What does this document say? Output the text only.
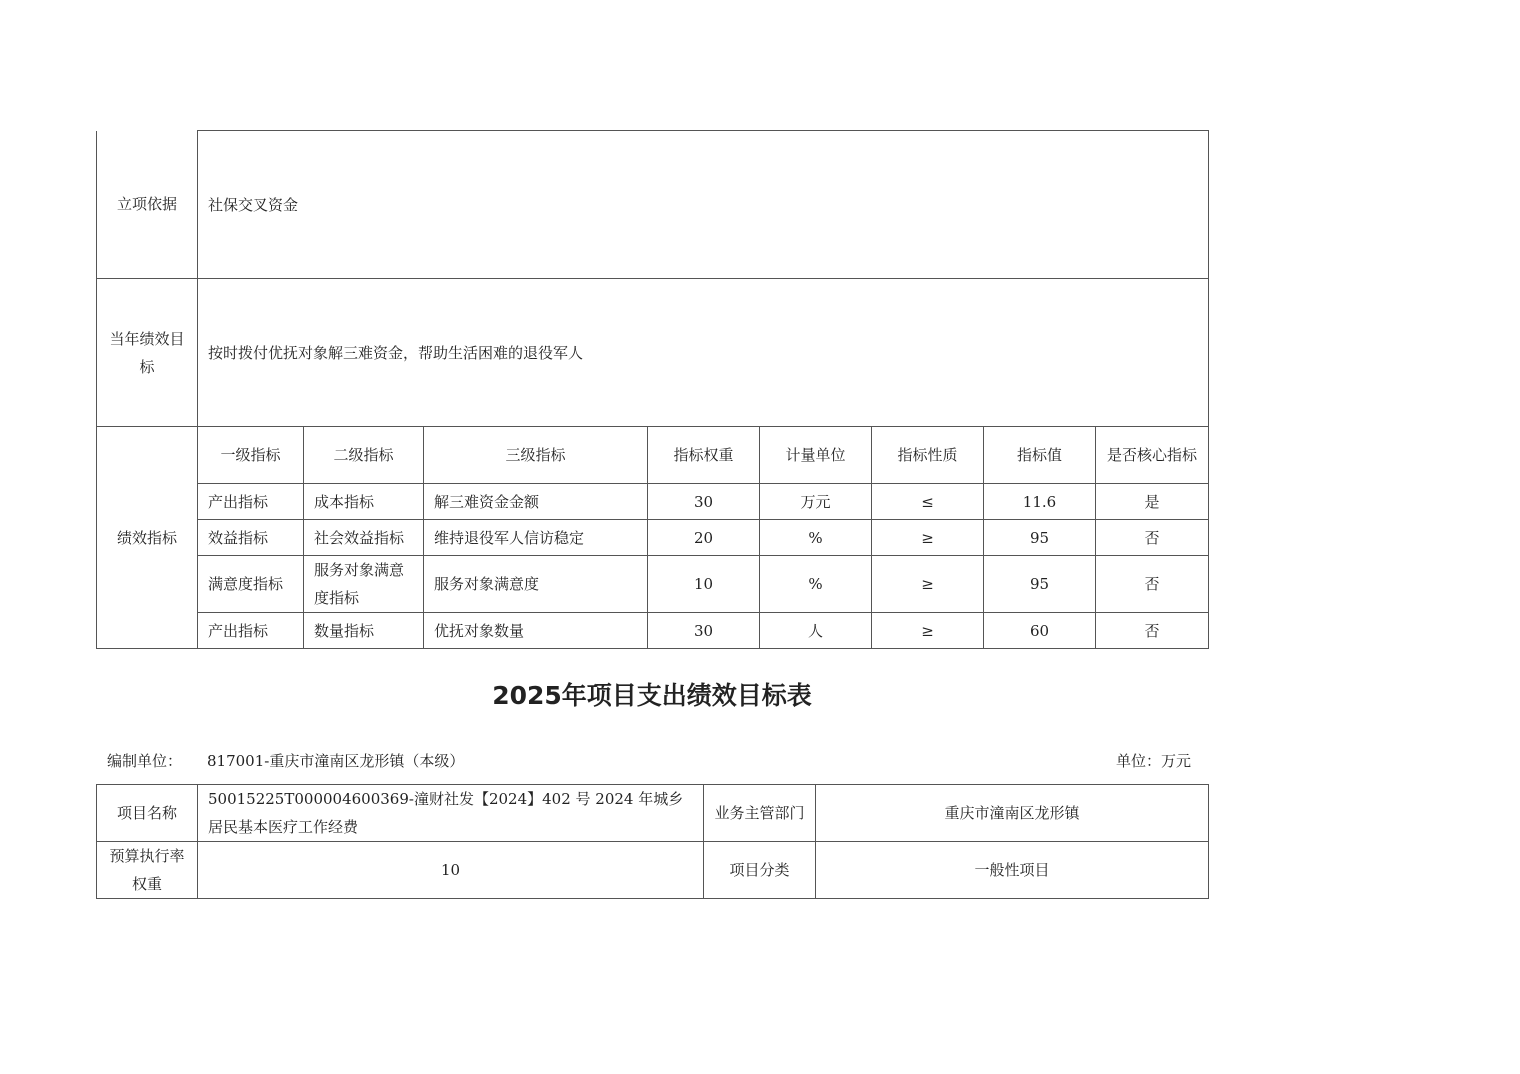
立项依据	社保交叉资金							
当年绩效目标	按时拨付优抚对象解三难资金，帮助生活困难的退役军人							
绩效指标	一级指标	二级指标	三级指标	指标权重	计量单位	指标性质	指标值	是否核心指标
	产出指标	成本指标	解三难资金金额	30	万元	≤	11.6	是
	效益指标	社会效益指标	维持退役军人信访稳定	20	%	≥	95	否
	满意度指标	服务对象满意度指标	服务对象满意度	10	%	≥	95	否
	产出指标	数量指标	优抚对象数量	30	人	≥	60	否
2025年项目支出绩效目标表
编制单位： 817001-重庆市潼南区龙形镇（本级）	单位：万元
项目名称	50015225T000004600369-潼财社发【2024】402 号 2024 年城乡居民基本医疗工作经费	业务主管部门	重庆市潼南区龙形镇
预算执行率权重	10	项目分类	一般性项目
